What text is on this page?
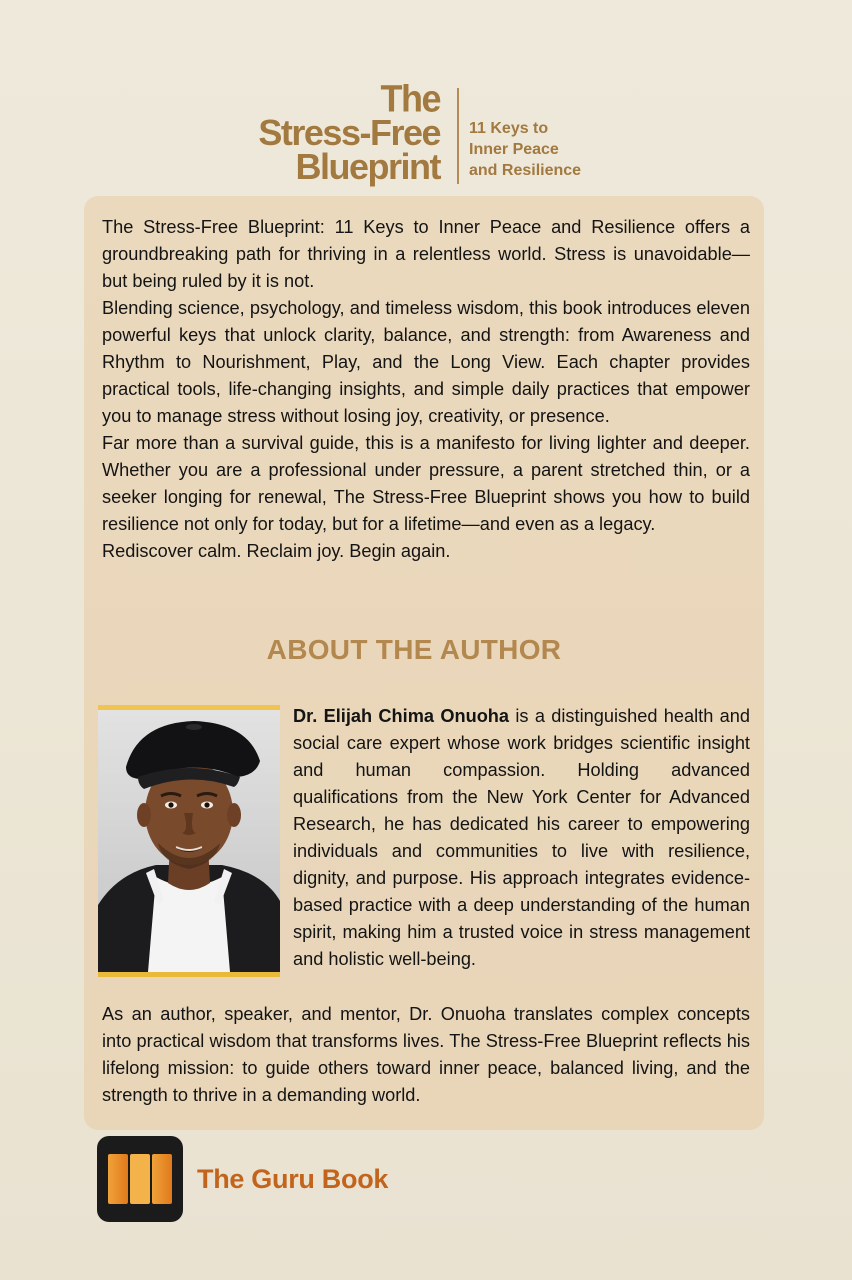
The
Stress-Free
Blueprint
11 Keys to
Inner Peace
and Resilience

The Stress-Free Blueprint: 11 Keys to Inner Peace and Resilience offers a groundbreaking path for thriving in a relentless world. Stress is unavoidable—but being ruled by it is not.

Blending science, psychology, and timeless wisdom, this book introduces eleven powerful keys that unlock clarity, balance, and strength: from Awareness and Rhythm to Nourishment, Play, and the Long View. Each chapter provides practical tools, life-changing insights, and simple daily practices that empower you to manage stress without losing joy, creativity, or presence.

Far more than a survival guide, this is a manifesto for living lighter and deeper. Whether you are a professional under pressure, a parent stretched thin, or a seeker longing for renewal, The Stress-Free Blueprint shows you how to build resilience not only for today, but for a lifetime—and even as a legacy.

Rediscover calm. Reclaim joy. Begin again.

ABOUT THE AUTHOR
Dr. Elijah Chima Onuoha is a distinguished health and social care expert whose work bridges scientific insight and human compassion. Holding advanced qualifications from the New York Center for Advanced Research, he has dedicated his career to empowering individuals and communities to live with resilience, dignity, and purpose. His approach integrates evidence-based practice with a deep understanding of the human spirit, making him a trusted voice in stress management and holistic well-being.
As an author, speaker, and mentor, Dr. Onuoha translates complex concepts into practical wisdom that transforms lives. The Stress-Free Blueprint reflects his lifelong mission: to guide others toward inner peace, balanced living, and the strength to thrive in a demanding world.
The Guru Book
